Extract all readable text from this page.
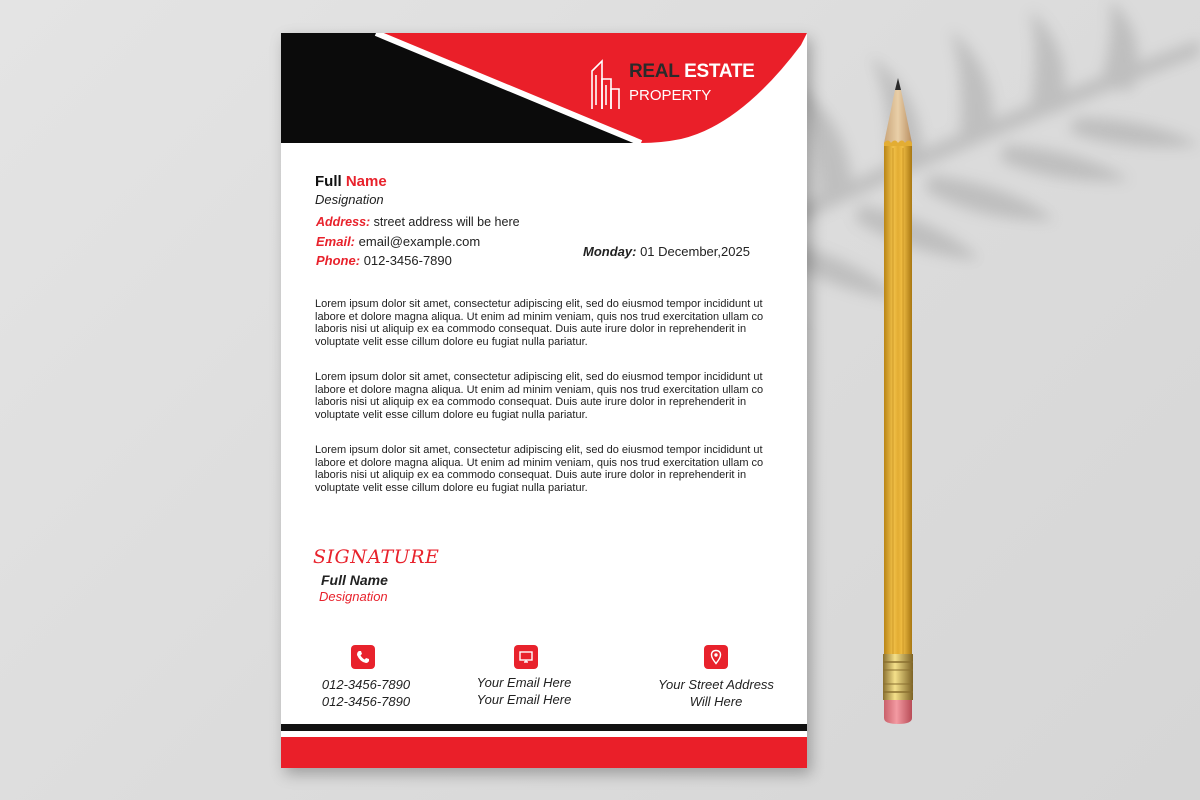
REAL ESTATE
PROPERTY
Full Name
Designation
Address: street address will be here
Email: email@example.com
Phone: 012-3456-7890
Monday: 01 December,2025

Lorem ipsum dolor sit amet, consectetur adipiscing elit, sed do eiusmod tempor incididunt ut labore et dolore magna aliqua. Ut enim ad minim veniam, quis nos trud exercitation ullam co laboris nisi ut aliquip ex ea commodo consequat. Duis aute irure dolor in reprehenderit in voluptate velit esse cillum dolore eu fugiat nulla pariatur.

Lorem ipsum dolor sit amet, consectetur adipiscing elit, sed do eiusmod tempor incididunt ut labore et dolore magna aliqua. Ut enim ad minim veniam, quis nos trud exercitation ullam co laboris nisi ut aliquip ex ea commodo consequat. Duis aute irure dolor in reprehenderit in voluptate velit esse cillum dolore eu fugiat nulla pariatur.

Lorem ipsum dolor sit amet, consectetur adipiscing elit, sed do eiusmod tempor incididunt ut labore et dolore magna aliqua. Ut enim ad minim veniam, quis nos trud exercitation ullam co laboris nisi ut aliquip ex ea commodo consequat. Duis aute irure dolor in reprehenderit in voluptate velit esse cillum dolore eu fugiat nulla pariatur.

SIGNATURE
Full Name
Designation
012-3456-7890
012-3456-7890
Your Email Here
Your Email Here
Your Street Address
Will Here
